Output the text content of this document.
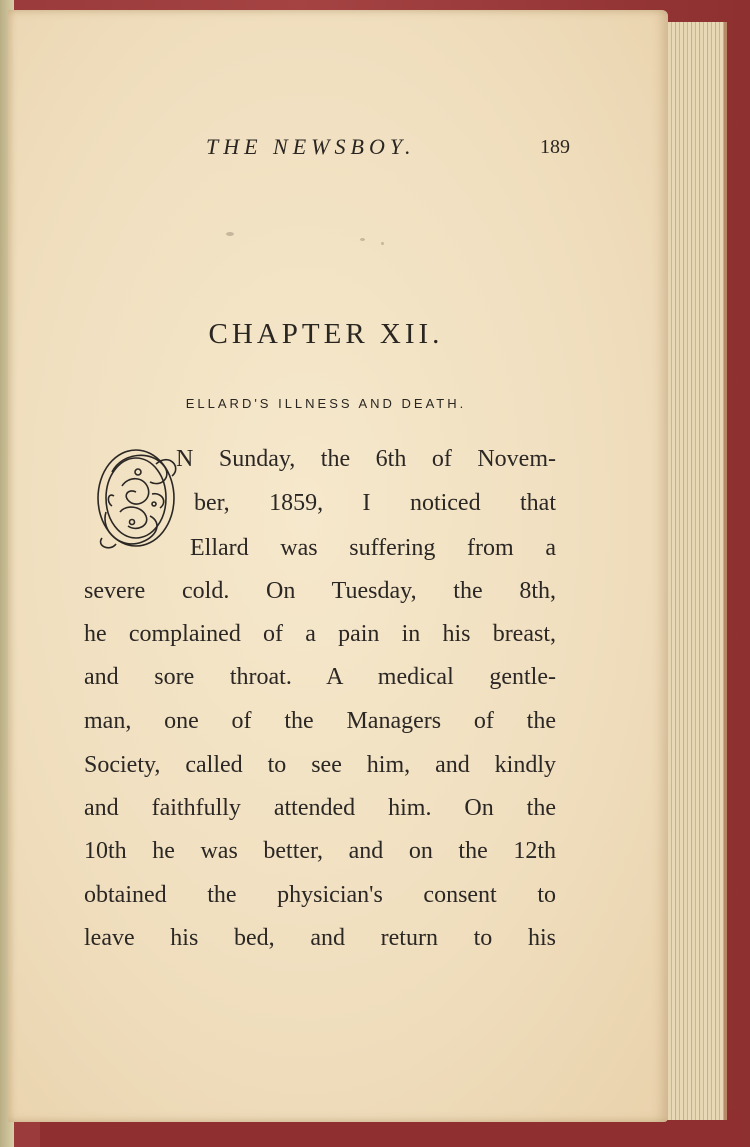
THE NEWSBOY.	189
CHAPTER XII.
ELLARD'S ILLNESS AND DEATH.
N Sunday, the 6th of Novem-
ber, 1859, I noticed that
Ellard was suffering from a
severe cold. On Tuesday, the 8th,
he complained of a pain in his breast,
and sore throat. A medical gentle-
man, one of the Managers of the
Society, called to see him, and kindly
and faithfully attended him. On the
10th he was better, and on the 12th
obtained the physician's consent to
leave his bed, and return to his
